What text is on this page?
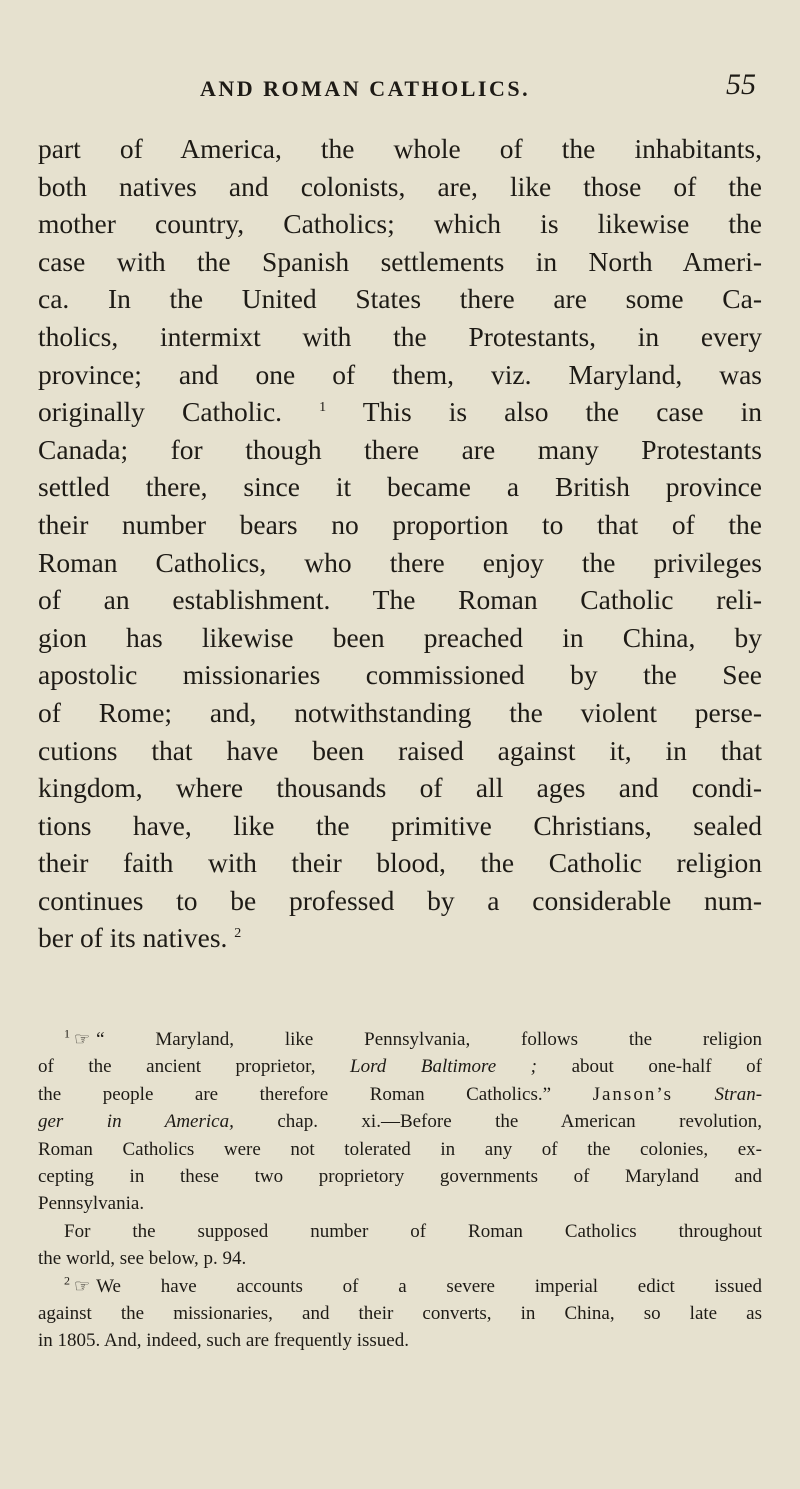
AND ROMAN CATHOLICS.	55
part of America, the whole of the inhabitants,
both natives and colonists, are, like those of the
mother country, Catholics; which is likewise the
case with the Spanish settlements in North Ameri-
ca. In the United States there are some Ca-
tholics, intermixt with the Protestants, in every
province; and one of them, viz. Maryland, was
originally Catholic.	$^1$ This is also the case in
Canada; for though there are many Protestants
settled there, since it became a British province
their number bears no proportion to that of the
Roman Catholics, who there enjoy the privileges
of an establishment. The Roman Catholic reli-
gion has likewise been preached in China, by
apostolic missionaries commissioned by the See
of Rome; and, notwithstanding the violent perse-
cutions that have been raised against it, in that
kingdom, where thousands of all ages and condi-
tions have, like the primitive Christians, sealed
their faith with their blood, the Catholic religion
continues to be professed by a considerable num-
ber of its natives. $^2$
$^1$ ☞ “ Maryland, like Pennsylvania, follows the religion
of the ancient proprietor, Lord Baltimore ; about one-half of
the people are therefore Roman Catholics.” Janson’s Stran-
ger in America, chap. xi.—Before the American revolution,
Roman Catholics were not tolerated in any of the colonies, ex-
cepting in these two proprietory governments of Maryland and
Pennsylvania.
For the supposed number of Roman Catholics throughout
the world, see below, p. 94.
$^2$ ☞ We have accounts of a severe imperial edict issued
against the missionaries, and their converts, in China, so late as
in 1805. And, indeed, such are frequently issued.
